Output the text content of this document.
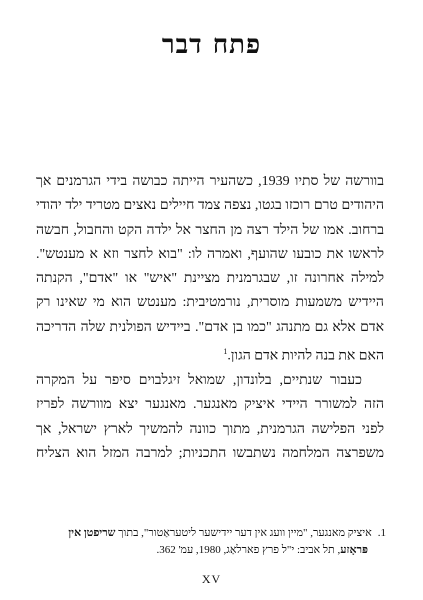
פתח דבר

בוורשה של סתיו 1939, כשהעיר הייתה כבושה בידי הגרמנים אך
היהודים טרם רוכזו בגטו, נצפה צמד חיילים נאצים מטריד ילד יהודי
ברחוב. אמו של הילד רצה מן החצר אל ילדה הקט והחבול, חבשה
לראשו את כובעו שהועף, ואמרה לו: "בוא לחצר וזא א מענטש".
למילה אחרונה זו, שבגרמנית מציינת "איש" או "אדם", הקנתה
היידיש משמעות מוסרית, נורמטיבית: מענטש הוא מי שאינו רק
אדם אלא גם מתנהג "כמו בן אדם". ביידיש הפולנית שלה הדריכה
האם את בנה להיות אדם הגון.$^1$

כעבור שנתיים, בלונדון, שמואל זיגלבוים סיפר על המקרה
הזה למשורר היידי איציק מאנגער. מאנגער יצא מוורשה לפריז
לפני הפלישה הגרמנית, מתוך כוונה להמשיך לארץ ישראל, אך
משפרצה המלחמה נשתבשו התכניות; למרבה המזל הוא הצליח

1.איציק מאנגער, "מיין וועג אין דער יידישער ליטעראַטור", בתוך שריפטן אין
פּראָזע, תל אביב: י"ל פרץ פארלאַג, 1980, עמ' 362.
XV
